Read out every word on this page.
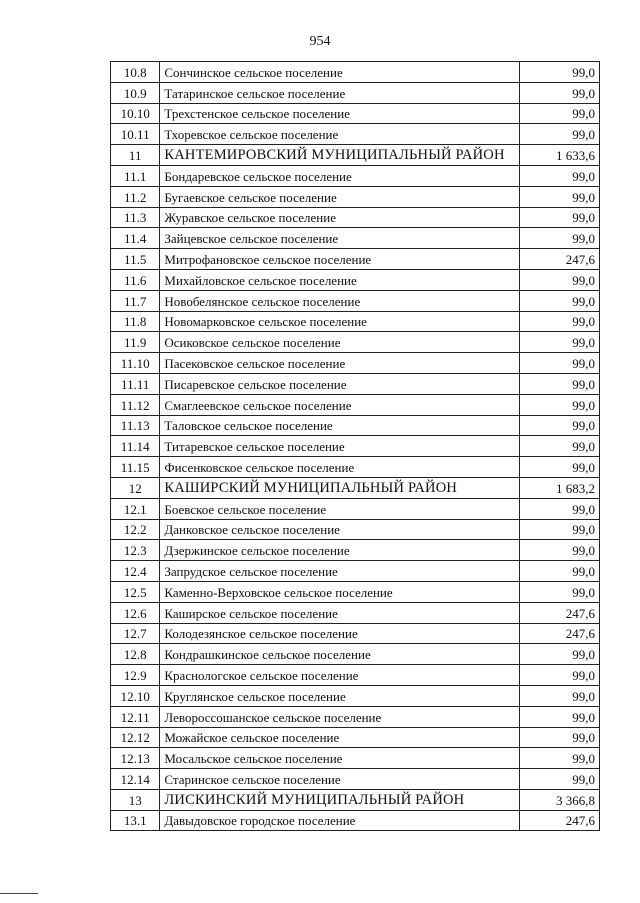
954
10.8	Сончинское сельское поселение	99,0
10.9	Татаринское сельское поселение	99,0
10.10	Трехстенское сельское поселение	99,0
10.11	Тхоревское сельское поселение	99,0
11	КАНТЕМИРОВСКИЙ МУНИЦИПАЛЬНЫЙ РАЙОН	1 633,6
11.1	Бондаревское сельское поселение	99,0
11.2	Бугаевское сельское поселение	99,0
11.3	Журавское сельское поселение	99,0
11.4	Зайцевское сельское поселение	99,0
11.5	Митрофановское сельское поселение	247,6
11.6	Михайловское сельское поселение	99,0
11.7	Новобелянское сельское поселение	99,0
11.8	Новомарковское сельское поселение	99,0
11.9	Осиковское сельское поселение	99,0
11.10	Пасековское сельское поселение	99,0
11.11	Писаревское сельское поселение	99,0
11.12	Смаглеевское сельское поселение	99,0
11.13	Таловское сельское поселение	99,0
11.14	Титаревское сельское поселение	99,0
11.15	Фисенковское сельское поселение	99,0
12	КАШИРСКИЙ МУНИЦИПАЛЬНЫЙ РАЙОН	1 683,2
12.1	Боевское сельское поселение	99,0
12.2	Данковское сельское поселение	99,0
12.3	Дзержинское сельское поселение	99,0
12.4	Запрудское сельское поселение	99,0
12.5	Каменно-Верховское сельское поселение	99,0
12.6	Каширское сельское поселение	247,6
12.7	Колодезянское сельское поселение	247,6
12.8	Кондрашкинское сельское поселение	99,0
12.9	Краснологское сельское поселение	99,0
12.10	Круглянское сельское поселение	99,0
12.11	Левороссошанское сельское поселение	99,0
12.12	Можайское сельское поселение	99,0
12.13	Мосальское сельское поселение	99,0
12.14	Старинское сельское поселение	99,0
13	ЛИСКИНСКИЙ МУНИЦИПАЛЬНЫЙ РАЙОН	3 366,8
13.1	Давыдовское городское поселение	247,6
